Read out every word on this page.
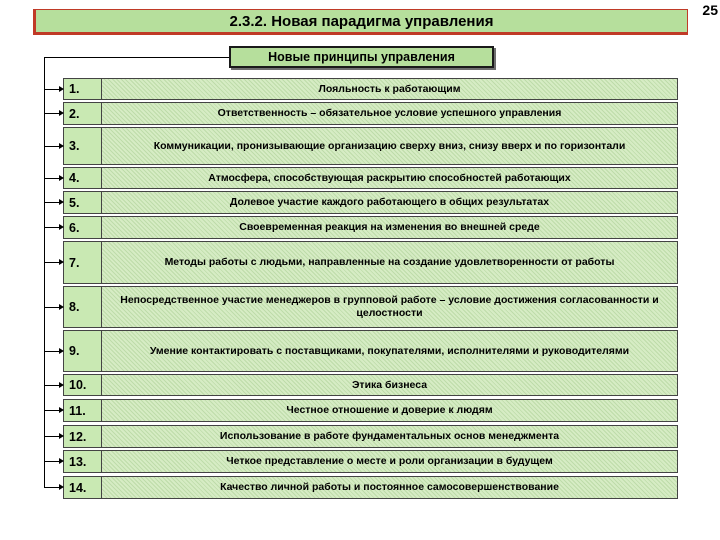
2.3.2. Новая парадигма управления
25
Новые принципы управления
1.	Лояльность к работающим
2.	Ответственность – обязательное условие успешного управления
3.	Коммуникации, пронизывающие организацию сверху вниз, снизу вверх и по горизонтали
4.	Атмосфера, способствующая раскрытию способностей работающих
5.	Долевое участие каждого работающего в общих результатах
6.	Своевременная реакция на изменения во внешней среде
7.	Методы работы с людьми, направленные на создание удовлетворенности от работы
8.	Непосредственное участие менеджеров в групповой работе – условие достижения согласованности и целостности
9.	Умение контактировать с поставщиками, покупателями, исполнителями и руководителями
10.	Этика бизнеса
11.	Честное отношение и доверие к людям
12.	Использование в работе фундаментальных основ менеджмента
13.	Четкое представление о месте и роли организации в будущем
14.	Качество личной работы и постоянное самосовершенствование
